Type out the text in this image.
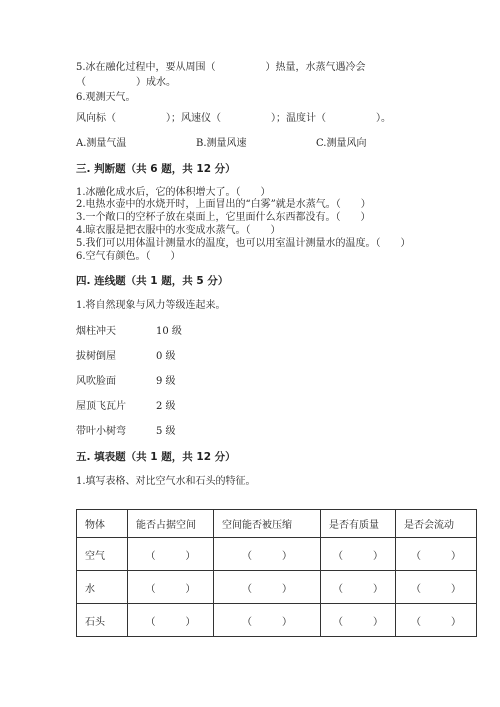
5.冰在融化过程中，要从周围（　　　　　）热量，水蒸气遇冷会
（　　　　　）成水。
6.观测天气。
风向标（　　　　　）；风速仪（　　　　　）；温度计（　　　　　）。
A.测量气温	B.测量风速	C.测量风向
三. 判断题（共 6 题，共 12 分）
1.冰融化成水后，它的体积增大了。（　　）
2.电热水壶中的水烧开时，上面冒出的“白雾”就是水蒸气。（　　）
3.一个敞口的空杯子放在桌面上，它里面什么东西都没有。（　　）
4.晾衣服是把衣服中的水变成水蒸气。（　　）
5.我们可以用体温计测量水的温度，也可以用室温计测量水的温度。（　　）
6.空气有颜色。（　　）
四. 连线题（共 1 题，共 5 分）
1.将自然现象与风力等级连起来。
烟柱冲天	10 级
拔树倒屋	0 级
风吹脸面	9 级
屋顶飞瓦片	2 级
带叶小树弯	5 级
五. 填表题（共 1 题，共 12 分）
1.填写表格、对比空气水和石头的特征。
物体	能否占据空间	空间能否被压缩	是否有质量	是否会流动
空气	（　　　）	（　　　）	（　　　）	（　　　）
水	（　　　）	（　　　）	（　　　）	（　　　）
石头	（　　　）	（　　　）	（　　　）	（　　　）
